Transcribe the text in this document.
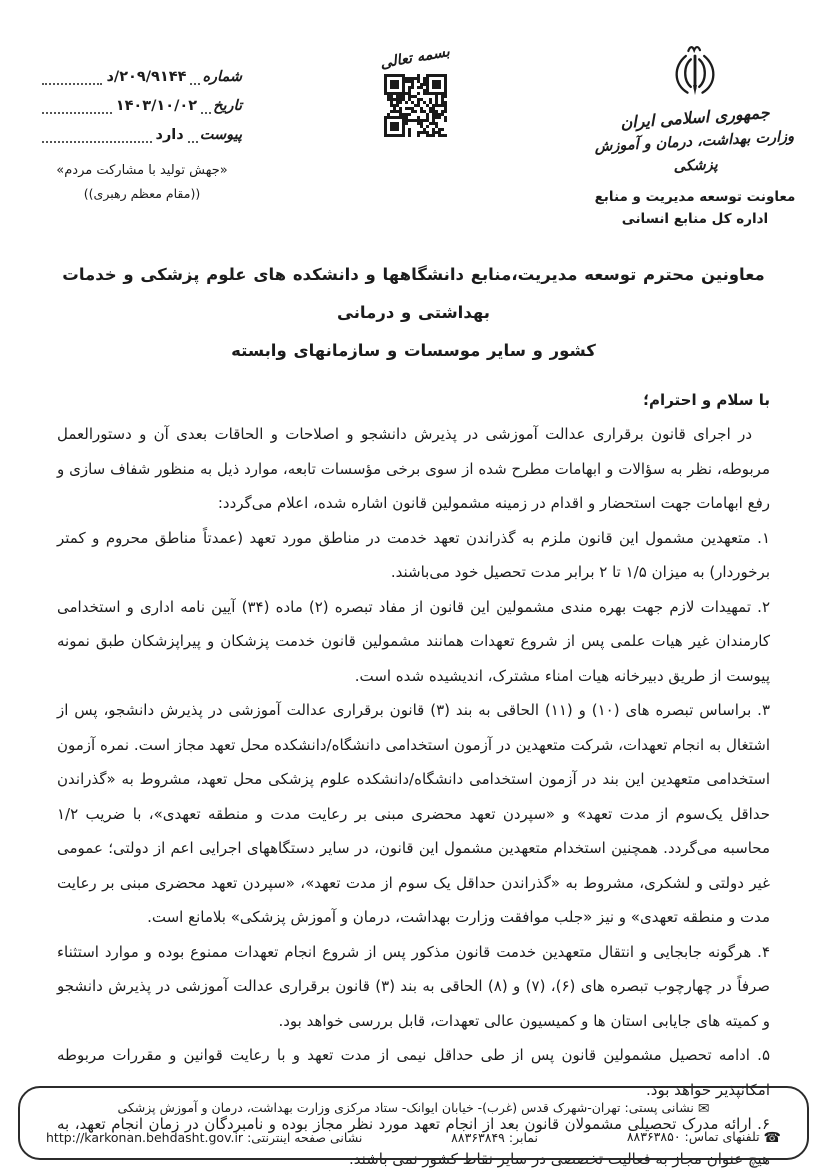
جمهوری اسلامی ایران
وزارت بهداشت، درمان و آموزش پزشکی
معاونت توسعه مدیریت و منابع
اداره کل منابع انسانی
بسمه تعالی
شماره
۲۰۹/۹۱۴۴/د
تاریخ
۱۴۰۳/۱۰/۰۲
پیوست
دارد
«جهش تولید با مشارکت مردم»
((مقام معظم رهبری))
معاونین محترم توسعه مدیریت،منابع دانشگاهها و دانشکده های علوم پزشکی و خدمات بهداشتی و درمانی
کشور و سایر موسسات و سازمانهای وابسته
با سلام و احترام؛

در اجرای قانون برقراری عدالت آموزشی در پذیرش دانشجو و اصلاحات و الحاقات بعدی آن و دستورالعمل مربوطه، نظر به سؤالات و ابهامات مطرح شده از سوی برخی مؤسسات تابعه، موارد ذیل به منظور شفاف سازی و رفع ابهامات جهت استحضار و اقدام در زمینه مشمولین قانون اشاره شده، اعلام می‌گردد:

۱. متعهدین مشمول این قانون ملزم به گذراندن تعهد خدمت در مناطق مورد تعهد (عمدتاً مناطق محروم و کمتر برخوردار) به میزان ۱/۵ تا ۲ برابر مدت تحصیل خود می‌باشند.

۲. تمهیدات لازم جهت بهره مندی مشمولین این قانون از مفاد تبصره (۲) ماده (۳۴) آیین نامه اداری و استخدامی کارمندان غیر هیات علمی پس از شروع تعهدات همانند مشمولین قانون خدمت پزشکان و پیراپزشکان طبق نمونه پیوست از طریق دبیرخانه هیات امناء مشترک، اندیشیده شده است.

۳. براساس تبصره های (۱۰) و (۱۱) الحاقی به بند (۳) قانون برقراری عدالت آموزشی در پذیرش دانشجو، پس از اشتغال به انجام تعهدات، شرکت متعهدین در آزمون استخدامی دانشگاه/دانشکده محل تعهد مجاز است. نمره آزمون استخدامی متعهدین این بند در آزمون استخدامی دانشگاه/دانشکده علوم پزشکی محل تعهد، مشروط به «گذراندن حداقل یک‌سوم از مدت تعهد» و «سپردن تعهد محضری مبنی بر رعایت مدت و منطقه تعهدی»، با ضریب ۱/۲ محاسبه می‌گردد. همچنین استخدام متعهدین مشمول این قانون، در سایر دستگاههای اجرایی اعم از دولتی؛ عمومی غیر دولتی و لشکری، مشروط به «گذراندن حداقل یک سوم از مدت تعهد»، «سپردن تعهد محضری مبنی بر رعایت مدت و منطقه تعهدی» و نیز «جلب موافقت وزارت بهداشت، درمان و آموزش پزشکی» بلامانع است.

۴. هرگونه جابجایی و انتقال متعهدین خدمت قانون مذکور پس از شروع انجام تعهدات ممنوع بوده و موارد استثناء صرفاً در چهارچوب تبصره های (۶)، (۷) و (۸) الحاقی به بند (۳) قانون برقراری عدالت آموزشی در پذیرش دانشجو و کمیته های جایابی استان ها و کمیسیون عالی تعهدات، قابل بررسی خواهد بود.

۵. ادامه تحصیل مشمولین قانون پس از طی حداقل نیمی از مدت تعهد و با رعایت قوانین و مقررات مربوطه امکانپذیر خواهد بود.

۶. ارائه مدرک تحصیلی مشمولان قانون بعد از انجام تعهد مورد نظر مجاز بوده و نامبردگان در زمان انجام تعهد، به هیچ عنوان مجاز به فعالیت تخصصی در سایر نقاط کشور نمی باشند.

✉ نشانی پستی: تهران-شهرک قدس (غرب)- خیابان ایوانک- ستاد مرکزی وزارت بهداشت، درمان و آموزش پزشکی
☎ تلفنهای تماس: ۸۸۳۶۳۸۵۰
نمابر: ۸۸۳۶۳۸۴۹
نشانی صفحه اینترنتی: http://karkonan.behdasht.gov.ir
